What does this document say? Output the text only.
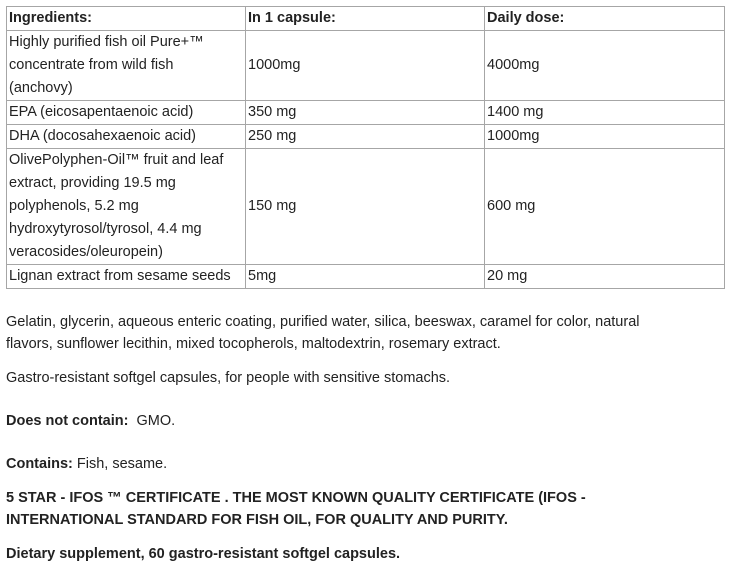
Ingredients:	In 1 capsule:	Daily dose:
Highly purified fish oil Pure+™
concentrate from wild fish
(anchovy)	1000mg	4000mg
EPA (eicosapentaenoic acid)	350 mg	1400 mg
DHA (docosahexaenoic acid)	250 mg	1000mg
OlivePolyphen-Oil™ fruit and leaf
extract, providing 19.5 mg
polyphenols, 5.2 mg
hydroxytyrosol/tyrosol, 4.4 mg
veracosides/oleuropein)	150 mg	600 mg
Lignan extract from sesame seeds	5mg	20 mg

Gelatin, glycerin, aqueous enteric coating, purified water, silica, beeswax, caramel for color, natural
flavors, sunflower lecithin, mixed tocopherols, maltodextrin, rosemary extract.

Gastro-resistant softgel capsules, for people with sensitive stomachs.

Does not contain: GMO.

Contains: Fish, sesame.

5 STAR - IFOS ™ CERTIFICATE . THE MOST KNOWN QUALITY CERTIFICATE (IFOS -
INTERNATIONAL STANDARD FOR FISH OIL, FOR QUALITY AND PURITY.

Dietary supplement, 60 gastro-resistant softgel capsules.
